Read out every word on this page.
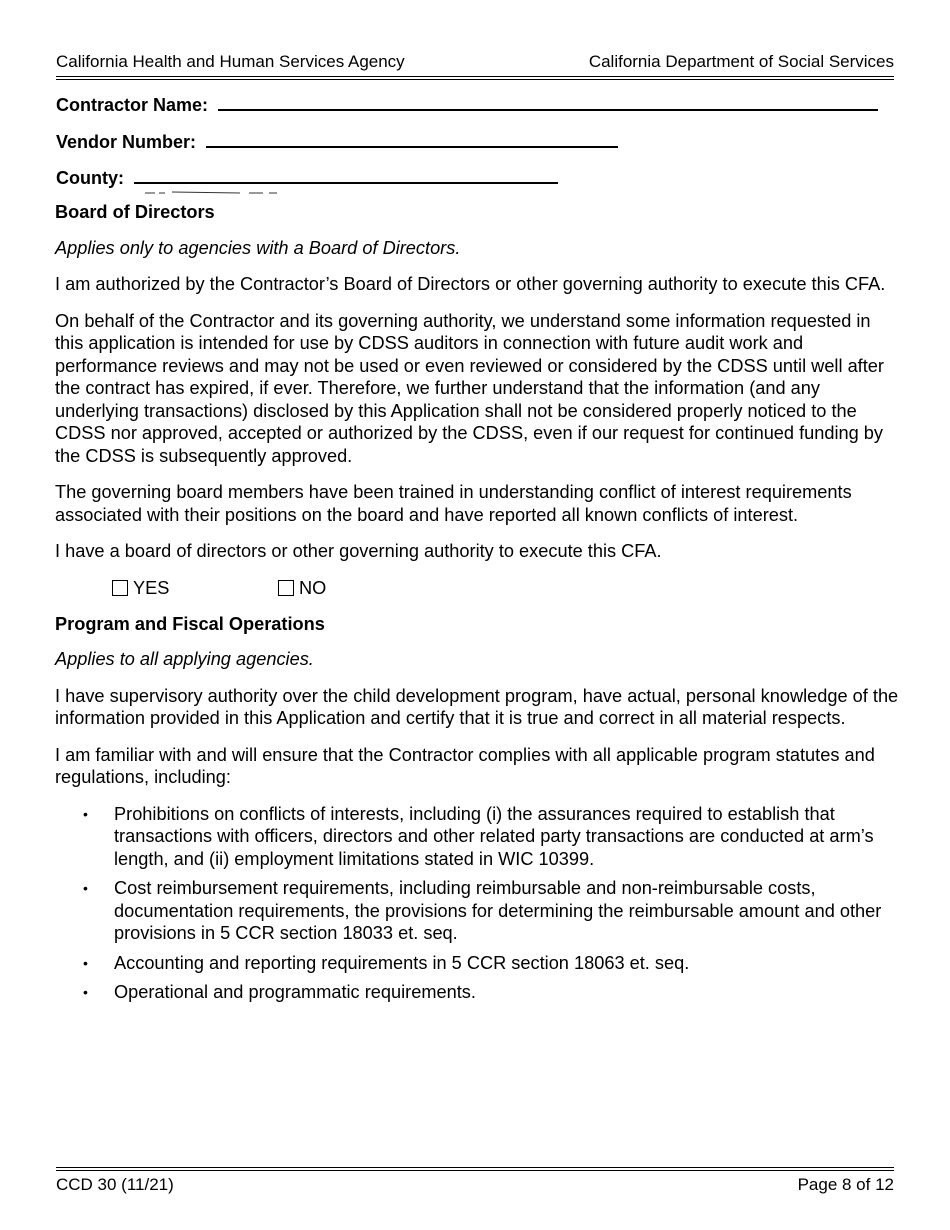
California Health and Human Services Agency	California Department of Social Services
Contractor Name:
Vendor Number:
County:
Board of Directors

Applies only to agencies with a Board of Directors.

I am authorized by the Contractor’s Board of Directors or other governing authority to execute this CFA.

On behalf of the Contractor and its governing authority, we understand some information requested in this application is intended for use by CDSS auditors in connection with future audit work and performance reviews and may not be used or even reviewed or considered by the CDSS until well after the contract has expired, if ever. Therefore, we further understand that the information (and any underlying transactions) disclosed by this Application shall not be considered properly noticed to the CDSS nor approved, accepted or authorized by the CDSS, even if our request for continued funding by the CDSS is subsequently approved.

The governing board members have been trained in understanding conflict of interest requirements associated with their positions on the board and have reported all known conflicts of interest.

I have a board of directors or other governing authority to execute this CFA.

YES	NO
Program and Fiscal Operations

Applies to all applying agencies.

I have supervisory authority over the child development program, have actual, personal knowledge of the information provided in this Application and certify that it is true and correct in all material respects.

I am familiar with and will ensure that the Contractor complies with all applicable program statutes and regulations, including:

• Prohibitions on conflicts of interests, including (i) the assurances required to establish that transactions with officers, directors and other related party transactions are conducted at arm’s length, and (ii) employment limitations stated in WIC 10399.
• Cost reimbursement requirements, including reimbursable and non-reimbursable costs, documentation requirements, the provisions for determining the reimbursable amount and other provisions in 5 CCR section 18033 et. seq.
• Accounting and reporting requirements in 5 CCR section 18063 et. seq.
• Operational and programmatic requirements.
CCD 30 (11/21)	Page 8 of 12
